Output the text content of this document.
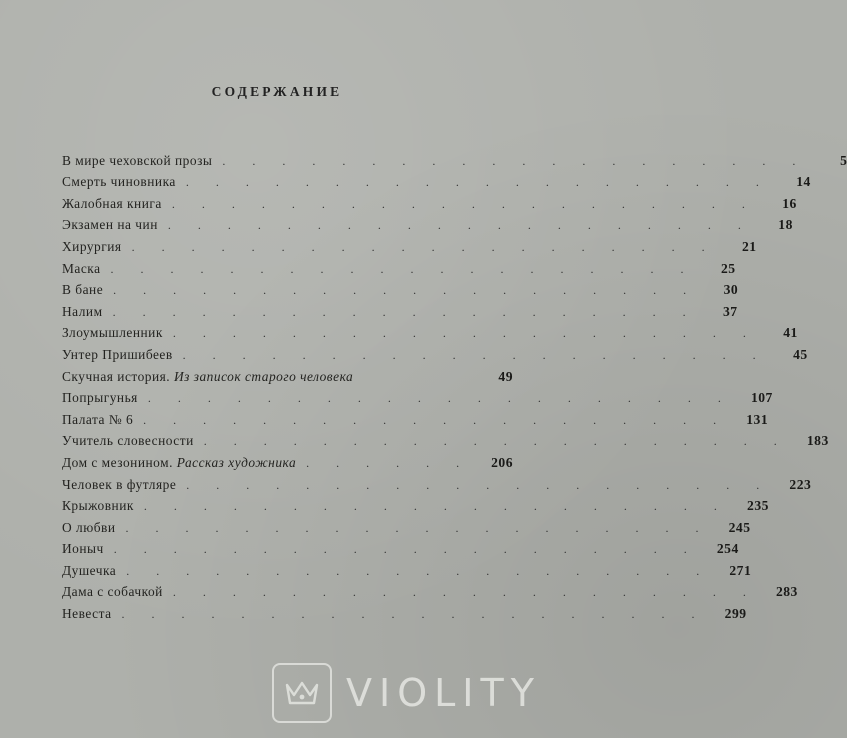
СОДЕРЖАНИЕ
В мире чеховской прозы . . . . . . . . . . . . . . . . . . . .	5
Смерть чиновника . . . . . . . . . . . . . . . . . . . .	14
Жалобная книга . . . . . . . . . . . . . . . . . . . .	16
Экзамен на чин . . . . . . . . . . . . . . . . . . . .	18
Хирургия . . . . . . . . . . . . . . . . . . . .	21
Маска . . . . . . . . . . . . . . . . . . . .	25
В бане . . . . . . . . . . . . . . . . . . . .	30
Налим . . . . . . . . . . . . . . . . . . . .	37
Злоумышленник . . . . . . . . . . . . . . . . . . . .	41
Унтер Пришибеев . . . . . . . . . . . . . . . . . . . .	45
Скучная история. Из записок старого человека	49
Попрыгунья . . . . . . . . . . . . . . . . . . . .	107
Палата № 6 . . . . . . . . . . . . . . . . . . . .	131
Учитель словесности . . . . . . . . . . . . . . . . . . . .	183
Дом с мезонином. Рассказ художника . . . . . .	206
Человек в футляре . . . . . . . . . . . . . . . . . . . .	223
Крыжовник . . . . . . . . . . . . . . . . . . . .	235
О любви . . . . . . . . . . . . . . . . . . . .	245
Ионыч . . . . . . . . . . . . . . . . . . . .	254
Душечка . . . . . . . . . . . . . . . . . . . .	271
Дама с собачкой . . . . . . . . . . . . . . . . . . . .	283
Невеста . . . . . . . . . . . . . . . . . . . .	299
VIOLITY
